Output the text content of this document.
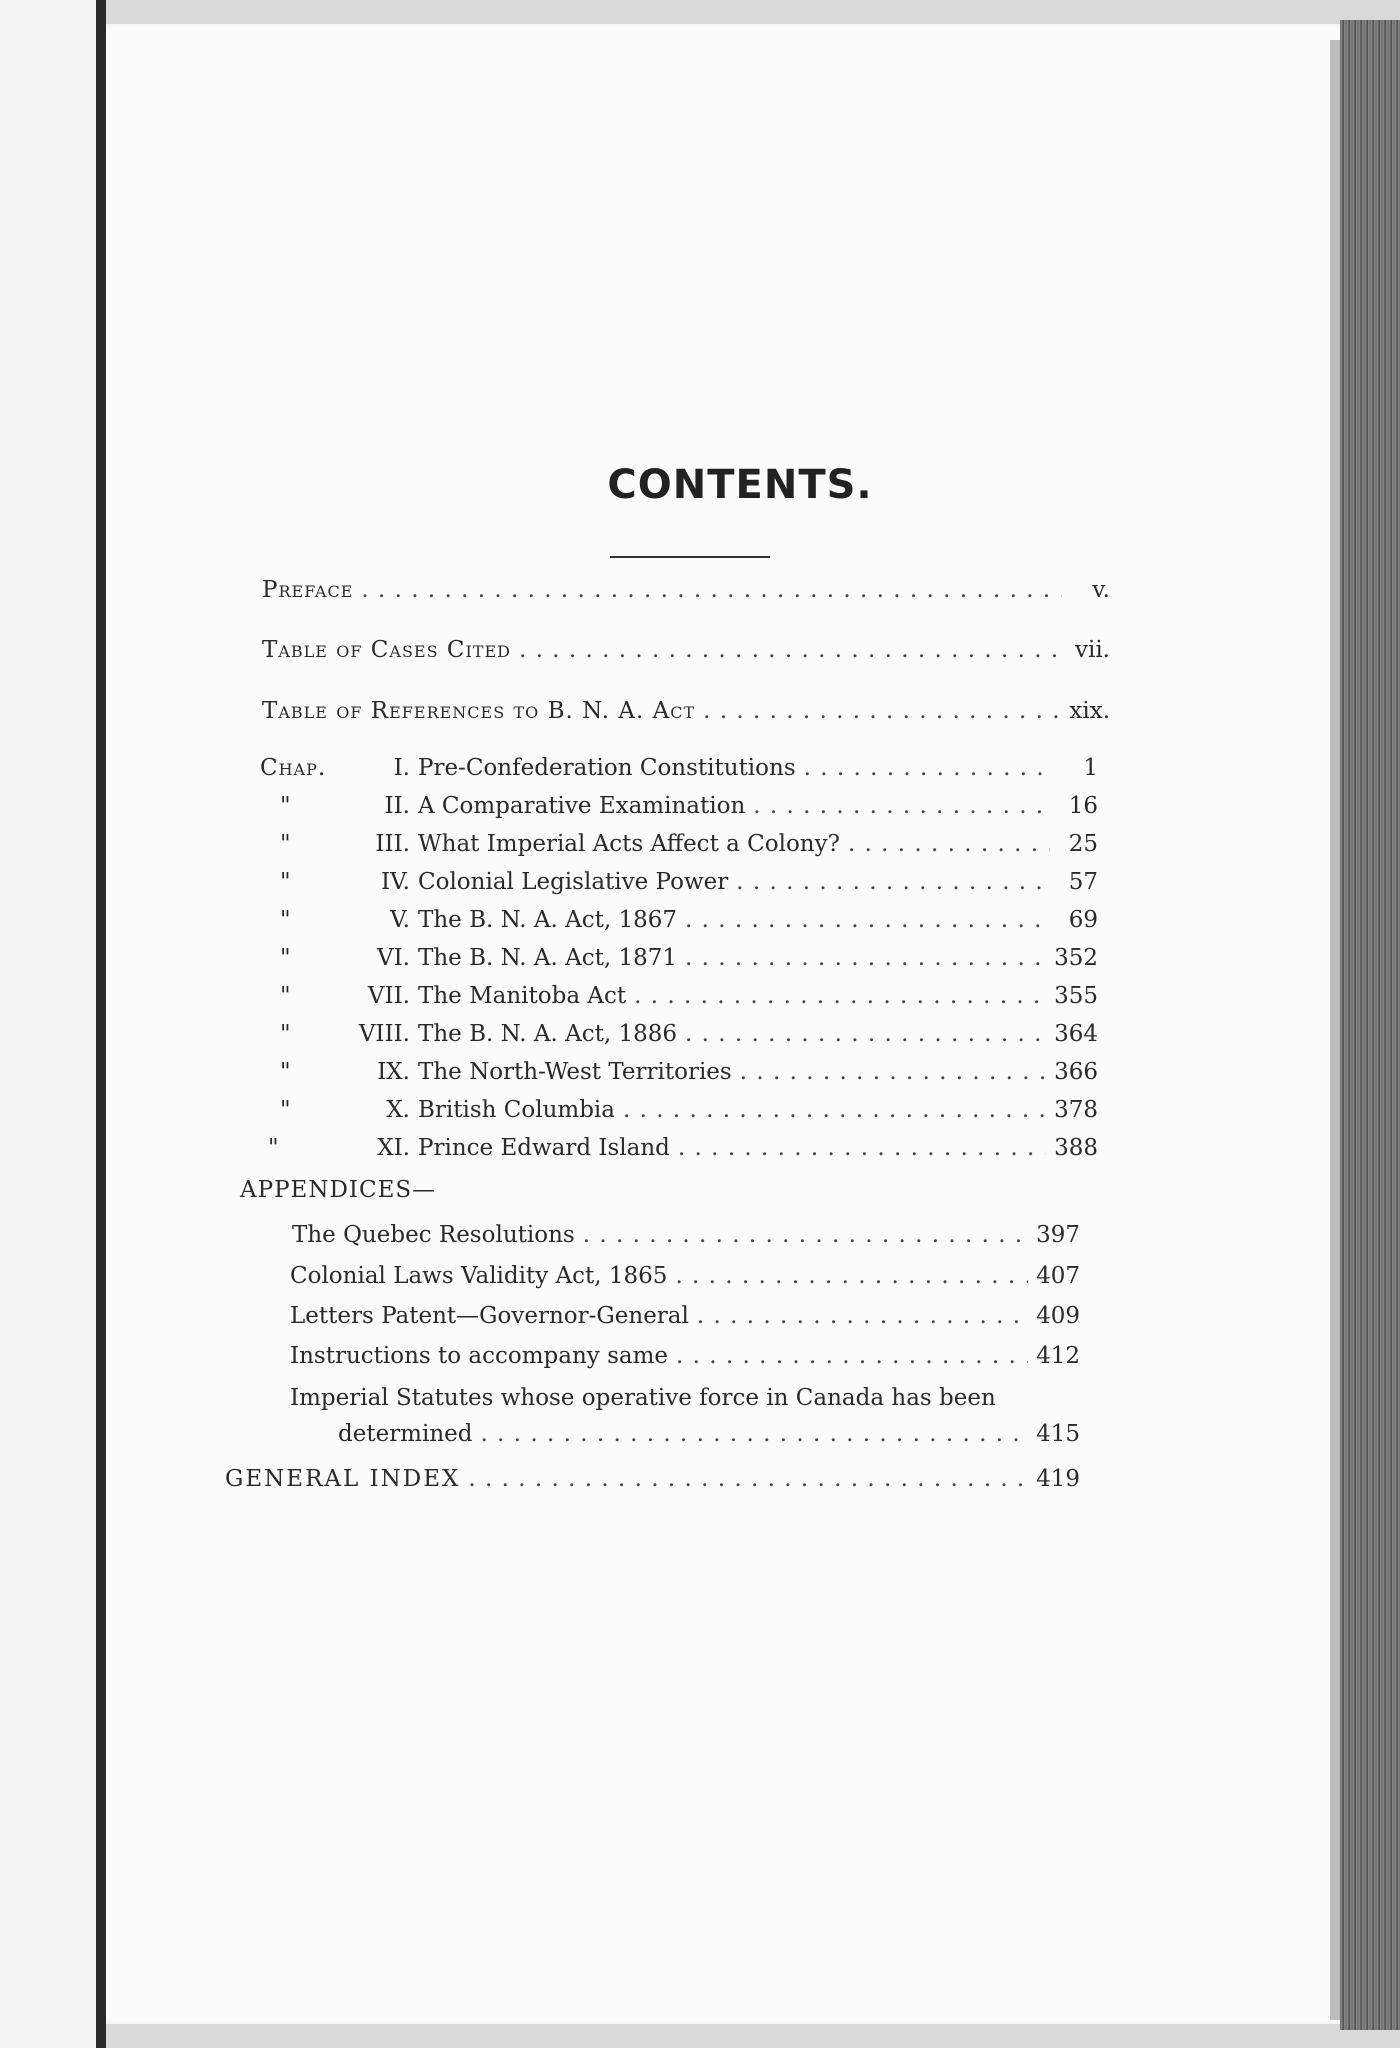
CONTENTS.
Preface . . .	v.
Table of Cases Cited . . .	vii.
Table of References to B. N. A. Act . . .	xix.
Chap.	I. Pre-Confederation Constitutions . . .	1
"	II. A Comparative Examination . . .	16
"	III. What Imperial Acts Affect a Colony? . . .	25
"	IV. Colonial Legislative Power . . .	57
"	V. The B. N. A. Act, 1867 . . .	69
"	VI. The B. N. A. Act, 1871 . . .	352
"	VII. The Manitoba Act . . .	355
"	VIII. The B. N. A. Act, 1886 . . .	364
"	IX. The North-West Territories . . .	366
"	X. British Columbia . . .	378
"	XI. Prince Edward Island . . .	388
APPENDICES—
The Quebec Resolutions . . .	397
Colonial Laws Validity Act, 1865 . . .	407
Letters Patent—Governor-General . . .	409
Instructions to accompany same . . .	412
Imperial Statutes whose operative force in Canada has been
determined . . .	415
GENERAL INDEX . . .	419
